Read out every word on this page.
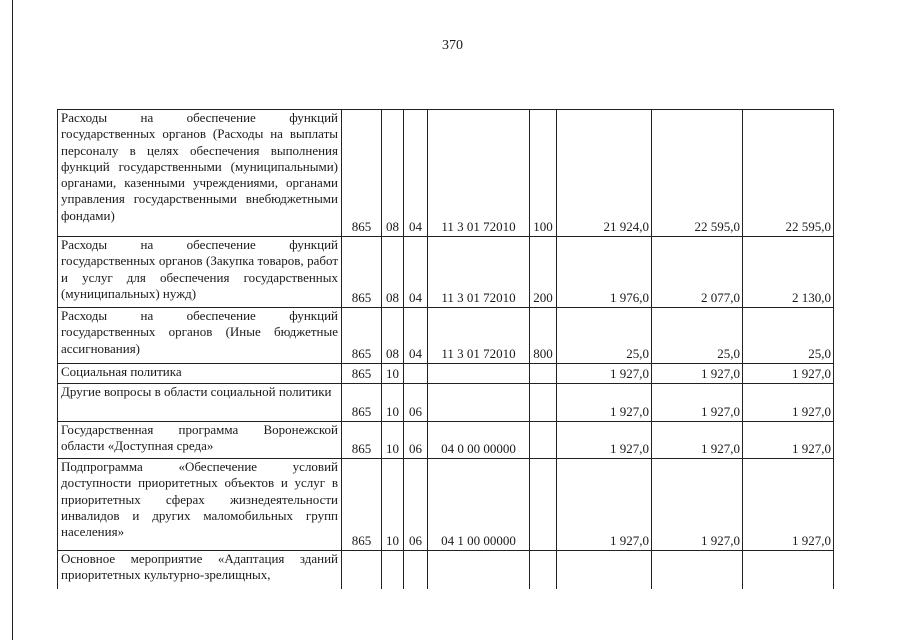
370
Расходы на обеспечение функций государственных органов (Расходы на выплаты персоналу в целях обеспечения выполнения функций государственными (муниципальными) органами, казенными учреждениями, органами управления государственными внебюджетными фондами)	865	08	04	11 3 01 72010	100	21 924,0	22 595,0	22 595,0
Расходы на обеспечение функций государственных органов (Закупка товаров, работ и услуг для обеспечения государственных (муниципальных) нужд)	865	08	04	11 3 01 72010	200	1 976,0	2 077,0	2 130,0
Расходы на обеспечение функций государственных органов (Иные бюджетные ассигнования)	865	08	04	11 3 01 72010	800	25,0	25,0	25,0
Социальная политика	865	10				1 927,0	1 927,0	1 927,0
Другие вопросы в области социальной политики	865	10	06			1 927,0	1 927,0	1 927,0
Государственная программа Воронежской области «Доступная среда»	865	10	06	04 0 00 00000		1 927,0	1 927,0	1 927,0
Подпрограмма «Обеспечение условий доступности приоритетных объектов и услуг в приоритетных сферах жизнедеятельности инвалидов и других маломобильных групп населения»	865	10	06	04 1 00 00000		1 927,0	1 927,0	1 927,0
Основное мероприятие «Адаптация зданий приоритетных культурно-зрелищных,								
